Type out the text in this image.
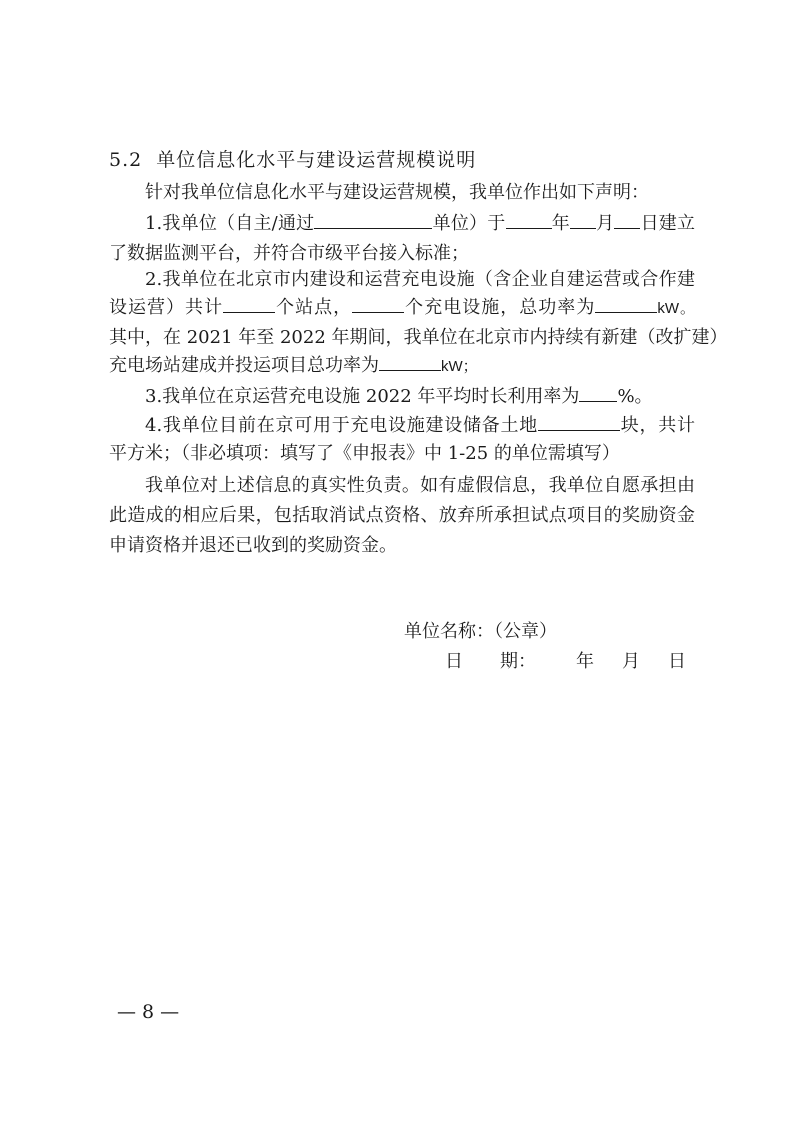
5.2 单位信息化水平与建设运营规模说明
针对我单位信息化水平与建设运营规模，我单位作出如下声明：
1.我单位（自主/通过	单位）于	年 月 日建立
了数据监测平台，并符合市级平台接入标准；
2.我单位在北京市内建设和运营充电设施（含企业自建运营或合作建
设运营）共计	个站点，	个充电设施，总功率为	kW。
其中，在 2021 年至 2022 年期间，我单位在北京市内持续有新建（改扩建）
充电场站建成并投运项目总功率为	kW；
3.我单位在京运营充电设施 2022 年平均时长利用率为 %。
4.我单位目前在京可用于充电设施建设储备土地	块，共计
平方米；（非必填项：填写了《申报表》中 1-25 的单位需填写）
我单位对上述信息的真实性负责。如有虚假信息，我单位自愿承担由
此造成的相应后果，包括取消试点资格、放弃所承担试点项目的奖励资金
申请资格并退还已收到的奖励资金。
单位名称：（公章）
日 期： 年 月 日
— 8 —
